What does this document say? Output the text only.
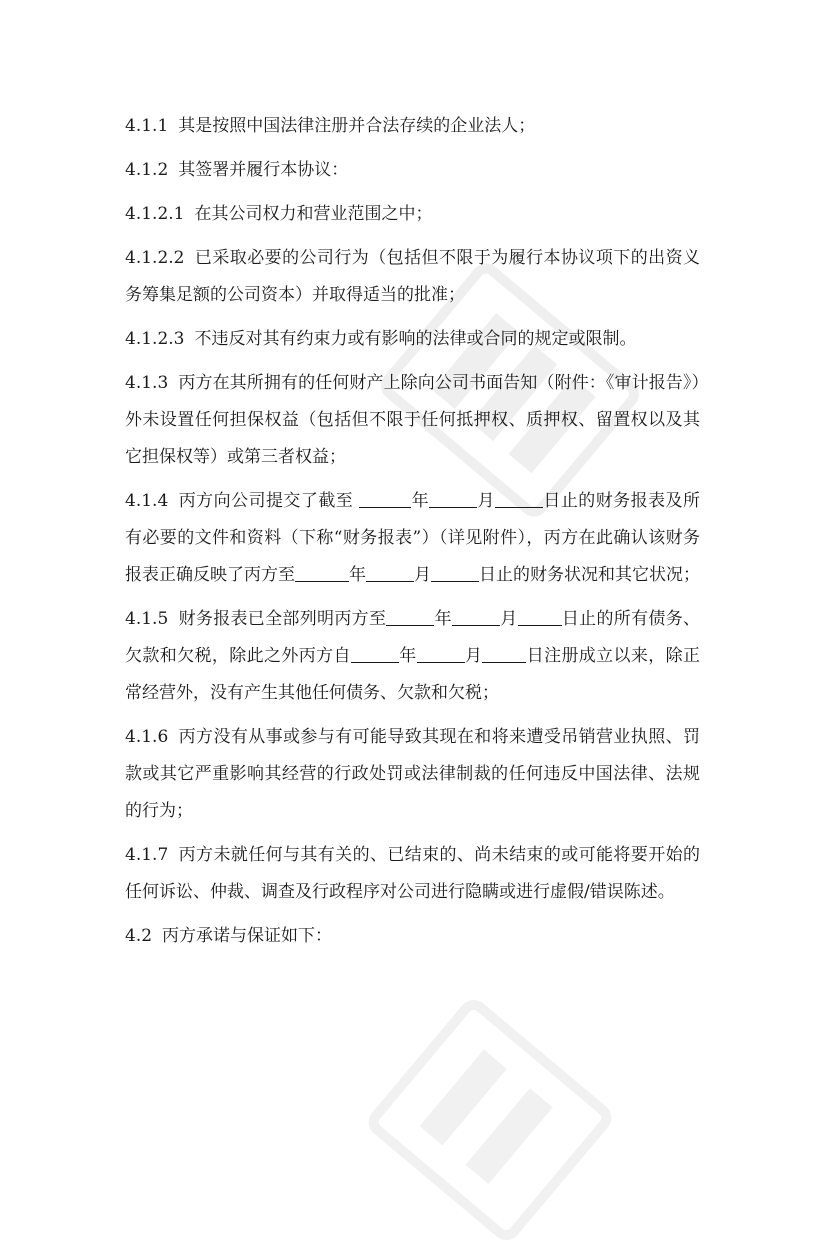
4.1.1 其是按照中国法律注册并合法存续的企业法人；

4.1.2 其签署并履行本协议：

4.1.2.1 在其公司权力和营业范围之中；

4.1.2.2 已采取必要的公司行为（包括但不限于为履行本协议项下的出资义务筹集足额的公司资本）并取得适当的批准；

4.1.2.3 不违反对其有约束力或有影响的法律或合同的规定或限制。

4.1.3 丙方在其所拥有的任何财产上除向公司书面告知（附件：《审计报告》）外未设置任何担保权益（包括但不限于任何抵押权、质押权、留置权以及其它担保权等）或第三者权益；

4.1.4 丙方向公司提交了截至	年	月	日止的财务报表及所有必要的文件和资料（下称“财务报表”）（详见附件），丙方在此确认该财务报表正确反映了丙方至	年	月	日止的财务状况和其它状况；

4.1.5 财务报表已全部列明丙方至	年	月	日止的所有债务、欠款和欠税，除此之外丙方自	年	月	日注册成立以来，除正常经营外，没有产生其他任何债务、欠款和欠税；

4.1.6 丙方没有从事或参与有可能导致其现在和将来遭受吊销营业执照、罚款或其它严重影响其经营的行政处罚或法律制裁的任何违反中国法律、法规的行为；

4.1.7 丙方未就任何与其有关的、已结束的、尚未结束的或可能将要开始的任何诉讼、仲裁、调查及行政程序对公司进行隐瞒或进行虚假/错误陈述。

4.2 丙方承诺与保证如下：
